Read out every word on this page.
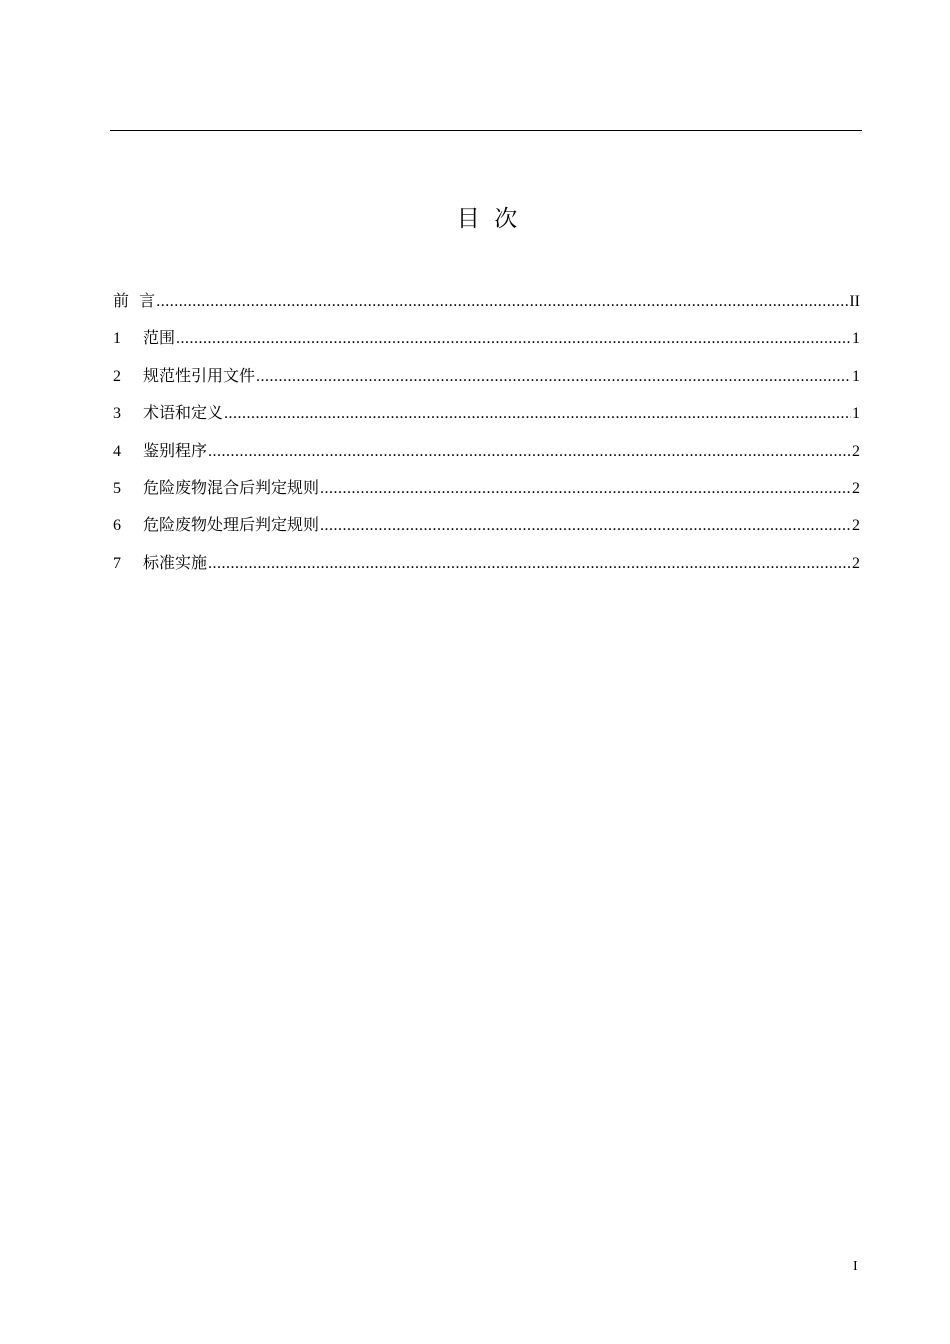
目  次
前  言 .....	II
1	范围 .....	1
2	规范性引用文件 .....	1
3	术语和定义 .....	1
4	鉴别程序 .....	2
5	危险废物混合后判定规则 .....	2
6	危险废物处理后判定规则 .....	2
7	标准实施 .....	2
I
